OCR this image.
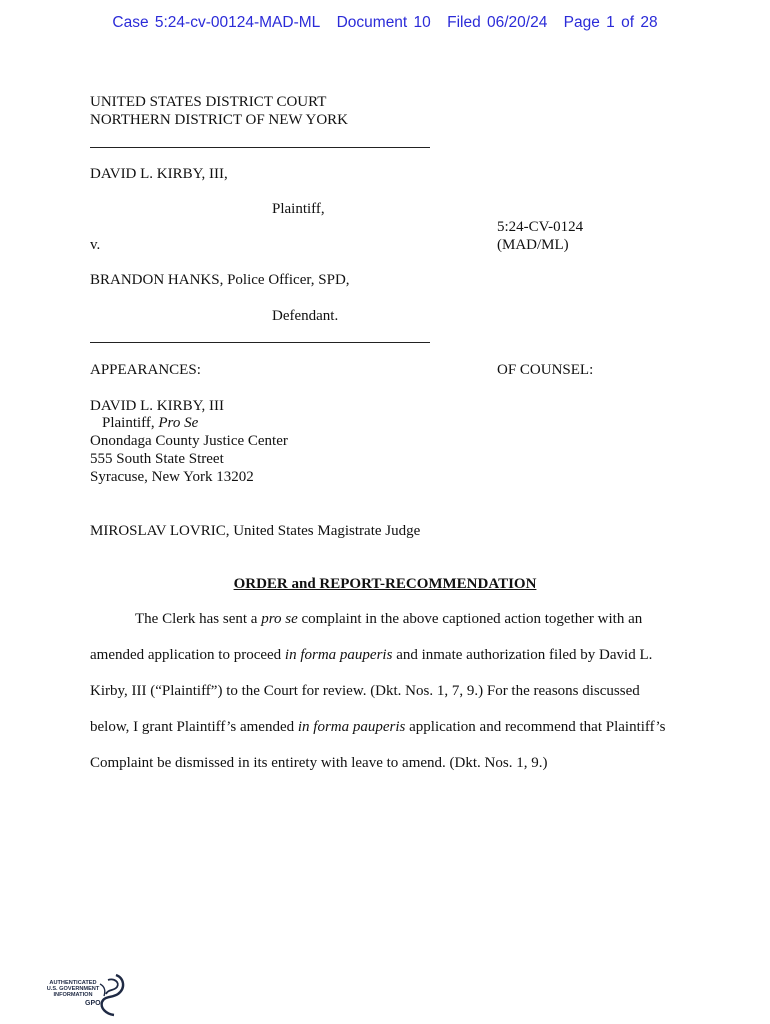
Case 5:24-cv-00124-MAD-ML Document 10 Filed 06/20/24 Page 1 of 28
UNITED STATES DISTRICT COURT
NORTHERN DISTRICT OF NEW YORK
DAVID L. KIRBY, III,
Plaintiff,
5:24-CV-0124
v.	(MAD/ML)
BRANDON HANKS, Police Officer, SPD,
Defendant.
APPEARANCES:	OF COUNSEL:
DAVID L. KIRBY, III
Plaintiff, Pro Se
Onondaga County Justice Center
555 South State Street
Syracuse, New York 13202
MIROSLAV LOVRIC, United States Magistrate Judge
ORDER and REPORT-RECOMMENDATION
The Clerk has sent a pro se complaint in the above captioned action together with an
amended application to proceed in forma pauperis and inmate authorization filed by David L.
Kirby, III (“Plaintiff”) to the Court for review. (Dkt. Nos. 1, 7, 9.) For the reasons discussed
below, I grant Plaintiff’s amended in forma pauperis application and recommend that Plaintiff’s
Complaint be dismissed in its entirety with leave to amend. (Dkt. Nos. 1, 9.)
AUTHENTICATED
U.S. GOVERNMENT
INFORMATION
GPO
